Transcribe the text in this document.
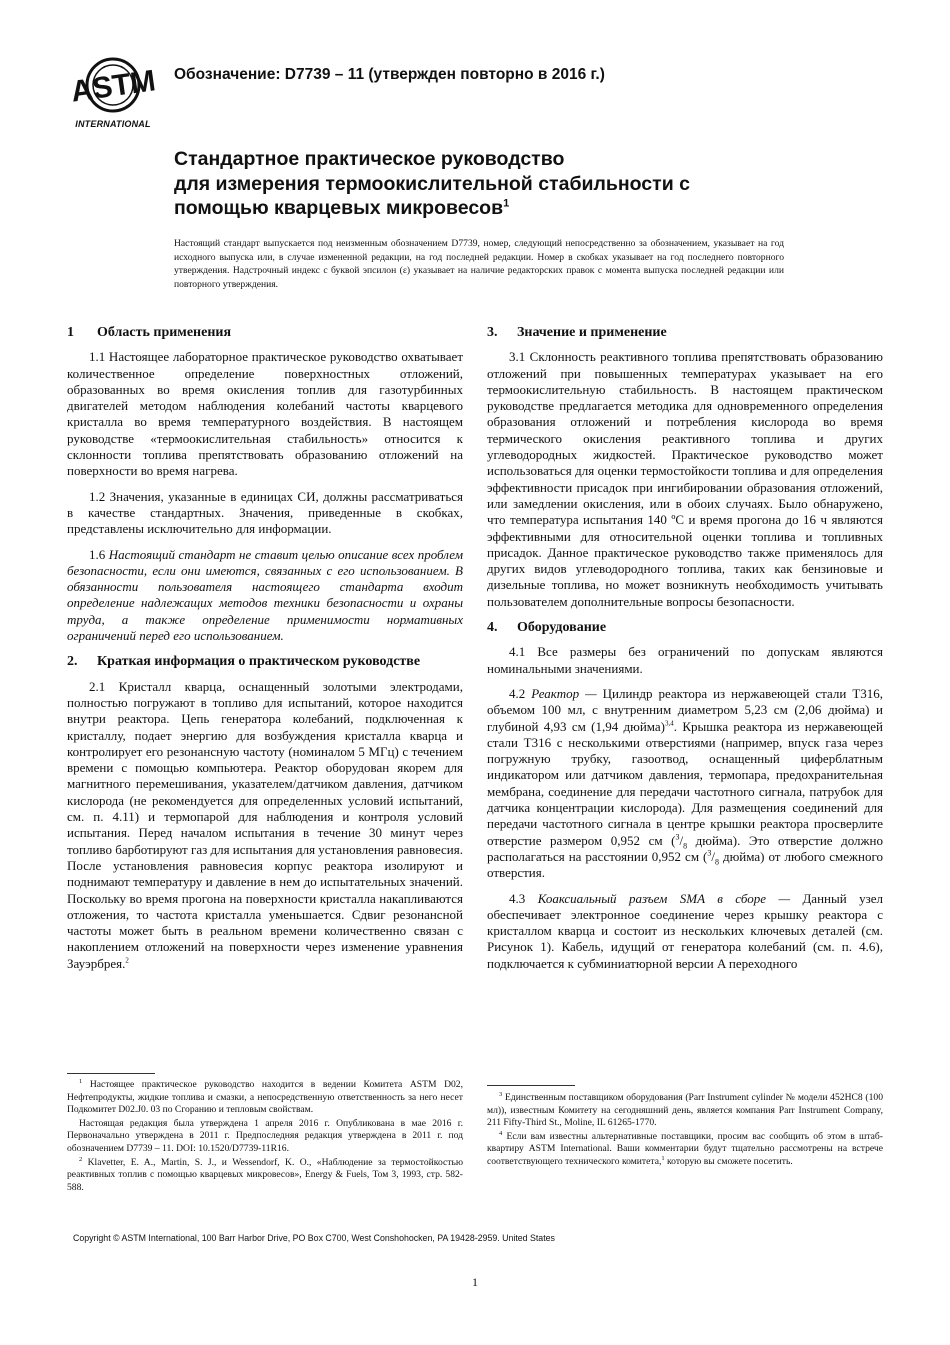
ASTM
INTERNATIONAL
Обозначение: D7739 – 11 (утвержден повторно в 2016 г.)
Стандартное практическое руководство
для измерения термоокислительной стабильности с
помощью кварцевых микровесов$^1$
Настоящий стандарт выпускается под неизменным обозначением D7739, номер, следующий непосредственно за обозначением, указывает на год исходного выпуска или, в случае измененной редакции, на год последней редакции. Номер в скобках указывает на год последнего повторного утверждения. Надстрочный индекс с буквой эпсилон (ε) указывает на наличие редакторских правок с момента выпуска последней редакции или повторного утверждения.
1	Область применения

1.1 Настоящее лабораторное практическое руководство охватывает количественное определение поверхностных отложений, образованных во время окисления топлив для газотурбинных двигателей методом наблюдения колебаний частоты кварцевого кристалла во время температурного воздействия. В настоящем руководстве «термоокислительная стабильность» относится к склонности топлива препятствовать образованию отложений на поверхности во время нагрева.

1.2 Значения, указанные в единицах СИ, должны рассматриваться в качестве стандартных. Значения, приведенные в скобках, представлены исключительно для информации.

1.6 Настоящий стандарт не ставит целью описание всех проблем безопасности, если они имеются, связанных с его использованием. В обязанности пользователя настоящего стандарта входит определение надлежащих методов техники безопасности и охраны труда, а также определение применимости нормативных ограничений перед его использованием.

2.	Краткая информация о практическом руководстве

2.1 Кристалл кварца, оснащенный золотыми электродами, полностью погружают в топливо для испытаний, которое находится внутри реактора. Цепь генератора колебаний, подключенная к кристаллу, подает энергию для возбуждения кристалла кварца и контролирует его резонансную частоту (номиналом 5 МГц) с течением времени с помощью компьютера. Реактор оборудован якорем для магнитного перемешивания, указателем/датчиком давления, датчиком кислорода (не рекомендуется для определенных условий испытаний, см. п. 4.11) и термопарой для наблюдения и контроля условий испытания. Перед началом испытания в течение 30 минут через топливо барботируют газ для испытания для установления равновесия. После установления равновесия корпус реактора изолируют и поднимают температуру и давление в нем до испытательных значений. Поскольку во время прогона на поверхности кристалла накапливаются отложения, то частота кристалла уменьшается. Сдвиг резонансной частоты может быть в реальном времени количественно связан с накоплением отложений на поверхности через изменение уравнения Зауэрбрея.$^2$

3.	Значение и применение

3.1 Склонность реактивного топлива препятствовать образованию отложений при повышенных температурах указывает на его термоокислительную стабильность. В настоящем практическом руководстве предлагается методика для одновременного определения образования отложений и потребления кислорода во время термического окисления реактивного топлива и других углеводородных жидкостей. Практическое руководство может использоваться для оценки термостойкости топлива и для определения эффективности присадок при ингибировании образования отложений, или замедлении окисления, или в обоих случаях. Было обнаружено, что температура испытания 140 ºC и время прогона до 16 ч являются эффективными для относительной оценки топлива и топливных присадок. Данное практическое руководство также применялось для других видов углеводородного топлива, таких как бензиновые и дизельные топлива, но может возникнуть необходимость учитывать пользователем дополнительные вопросы безопасности.

4.	Оборудование

4.1 Все размеры без ограничений по допускам являются номинальными значениями.

4.2 Реактор — Цилиндр реактора из нержавеющей стали T316, объемом 100 мл, с внутренним диаметром 5,23 см (2,06 дюйма) и глубиной 4,93 см (1,94 дюйма)$^{3,4}$. Крышка реактора из нержавеющей стали T316 с несколькими отверстиями (например, впуск газа через погружную трубку, газоотвод, оснащенный циферблатным индикатором или датчиком давления, термопара, предохранительная мембрана, соединение для передачи частотного сигнала, патрубок для датчика концентрации кислорода). Для размещения соединений для передачи частотного сигнала в центре крышки реактора просверлите отверстие размером 0,952 см ($^3/_8$ дюйма). Это отверстие должно располагаться на расстоянии 0,952 см ($^3/_8$ дюйма) от любого смежного отверстия.

4.3 Коаксиальный разъем SMA в сборе — Данный узел обеспечивает электронное соединение через крышку реактора с кристаллом кварца и состоит из нескольких ключевых деталей (см. Рисунок 1). Кабель, идущий от генератора колебаний (см. п. 4.6), подключается к субминиатюрной версии A переходного

$^1$ Настоящее практическое руководство находится в ведении Комитета ASTM D02, Нефтепродукты, жидкие топлива и смазки, а непосредственную ответственность за него несет Подкомитет D02.J0. 03 по Сгоранию и тепловым свойствам.

Настоящая редакция была утверждена 1 апреля 2016 г. Опубликована в мае 2016 г. Первоначально утверждена в 2011 г. Предпоследняя редакция утверждена в 2011 г. под обозначением D7739 – 11. DOI: 10.1520/D7739-11R16.

$^2$ Klavetter, E. A., Martin, S. J., и Wessendorf, K. O., «Наблюдение за термостойкостью реактивных топлив с помощью кварцевых микровесов», Energy & Fuels, Том 3, 1993, стр. 582-588.

$^3$ Единственным поставщиком оборудования (Parr Instrument cylinder № модели 452HC8 (100 мл)), известным Комитету на сегодняшний день, является компания Parr Instrument Company, 211 Fifty-Third St., Moline, IL 61265-1770.

$^4$ Если вам известны альтернативные поставщики, просим вас сообщить об этом в штаб-квартиру ASTM International. Ваши комментарии будут тщательно рассмотрены на встрече соответствующего технического комитета,$^1$ которую вы сможете посетить.

Copyright © ASTM International, 100 Barr Harbor Drive, PO Box C700, West Conshohocken, PA 19428-2959. United States
1
